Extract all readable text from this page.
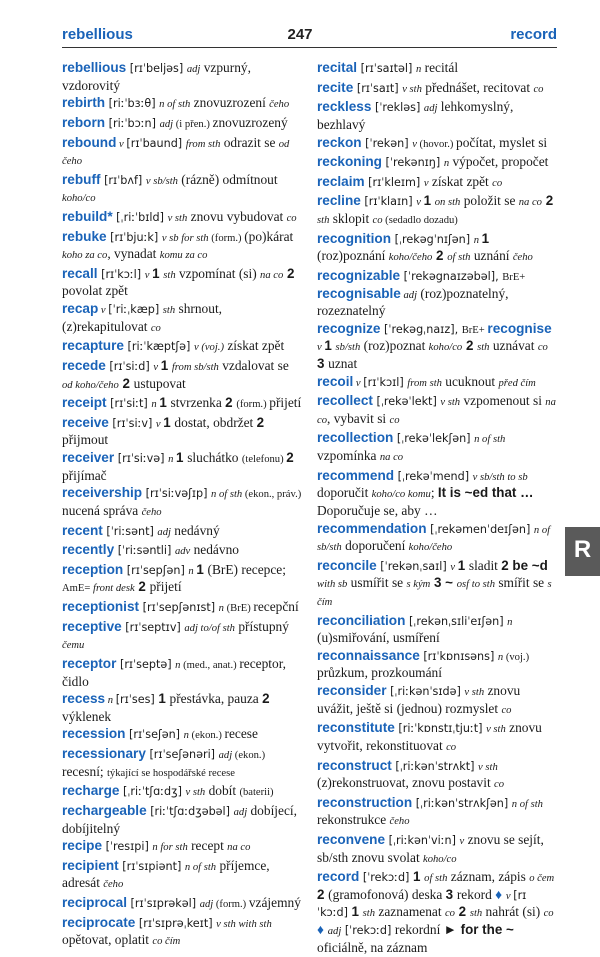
rebellious	247	record
rebellious [rɪˈbeljəs] adj vzpurný, vzdorovitý
rebirth [riːˈbɜːθ] n of sth znovuzrození čeho
reborn [riːˈbɔːn] adj (i přen.) znovuzrozený
rebound v [rɪˈbaund] from sth odrazit se od čeho
rebuff [rɪˈbʌf] v sb/sth (rázně) odmítnout koho/co
rebuild* [ˌriːˈbɪld] v sth znovu vybudovat co
rebuke [rɪˈbjuːk] v sb for sth (form.) (po)kárat koho za co, vynadat komu za co
recall [rɪˈkɔːl] v 1 sth vzpomínat (si) na co 2 povolat zpět
recap v [ˈriːˌkæp] sth shrnout, (z)rekapitulovat co
recapture [riːˈkæptʃə] v (voj.) získat zpět
recede [rɪˈsiːd] v 1 from sb/sth vzdalovat se od koho/čeho 2 ustupovat
receipt [rɪˈsiːt] n 1 stvrzenka 2 (form.) přijetí
receive [rɪˈsiːv] v 1 dostat, obdržet 2 přijmout
receiver [rɪˈsiːvə] n 1 sluchátko (telefonu) 2 přijímač
receivership [rɪˈsiːvəʃɪp] n of sth (ekon., práv.) nucená správa čeho
recent [ˈriːsənt] adj nedávný
recently [ˈriːsəntli] adv nedávno
reception [rɪˈsepʃən] n 1 (BrE) recepce; AmE= front desk 2 přijetí
receptionist [rɪˈsepʃənɪst] n (BrE) recepční
receptive [rɪˈseptɪv] adj to/of sth přístupný čemu
receptor [rɪˈseptə] n (med., anat.) receptor, čidlo
recess n [rɪˈses] 1 přestávka, pauza 2 výklenek
recession [rɪˈseʃən] n (ekon.) recese
recessionary [rɪˈseʃənəri] adj (ekon.) recesní; týkající se hospodářské recese
recharge [ˌriːˈtʃɑːdʒ] v sth dobít (baterii)
rechargeable [riːˈtʃɑːdʒəbəl] adj dobíjecí, dobíjitelný
recipe [ˈresɪpi] n for sth recept na co
recipient [rɪˈsɪpiənt] n of sth příjemce, adresát čeho
reciprocal [rɪˈsɪprəkəl] adj (form.) vzájemný
reciprocate [rɪˈsɪprəˌkeɪt] v sth with sth opětovat, oplatit co čím
recital [rɪˈsaɪtəl] n recitál
recite [rɪˈsaɪt] v sth přednášet, recitovat co
reckless [ˈrekləs] adj lehkomyslný, bezhlavý
reckon [ˈrekən] v (hovor.) počítat, myslet si
reckoning [ˈrekənɪŋ] n výpočet, propočet
reclaim [rɪˈkleɪm] v získat zpět co
recline [rɪˈklaɪn] v 1 on sth položit se na co 2 sth sklopit co (sedadlo dozadu)
recognition [ˌrekəgˈnɪʃən] n 1 (roz)poznání koho/čeho 2 of sth uznání čeho
recognizable [ˈrekəgnaɪzəbəl], BrE+ recognisable adj (roz)poznatelný, rozeznatelný
recognize [ˈrekəgˌnaɪz], BrE+ recognise v 1 sb/sth (roz)poznat koho/co 2 sth uznávat co 3 uznat
recoil v [rɪˈkɔɪl] from sth ucuknout před čím
recollect [ˌrekəˈlekt] v sth vzpomenout si na co, vybavit si co
recollection [ˌrekəˈlekʃən] n of sth vzpomínka na co
recommend [ˌrekəˈmend] v sb/sth to sb doporučit koho/co komu; It is ~ed that … Doporučuje se, aby …
recommendation [ˌrekəmenˈdeɪʃən] n of sb/sth doporučení koho/čeho
reconcile [ˈrekənˌsaɪl] v 1 sladit 2 be ~d with sb usmířit se s kým 3 ~ osf to sth smířit se s čím
reconciliation [ˌrekənˌsɪliˈeɪʃən] n (u)smiřování, usmíření
reconnaissance [rɪˈkɒnɪsəns] n (voj.) průzkum, prozkoumání
reconsider [ˌriːkənˈsɪdə] v sth znovu uvážit, ještě si (jednou) rozmyslet co
reconstitute [riːˈkɒnstɪˌtjuːt] v sth znovu vytvořit, rekonstituovat co
reconstruct [ˌriːkənˈstrʌkt] v sth (z)rekonstruovat, znovu postavit co
reconstruction [ˌriːkənˈstrʌkʃən] n of sth rekonstrukce čeho
reconvene [ˌriːkənˈviːn] v znovu se sejít, sb/sth znovu svolat koho/co
record [ˈrekɔːd] 1 of sth záznam, zápis o čem 2 (gramofonová) deska 3 rekord ♦ v [rɪˈkɔːd] 1 sth zaznamenat co 2 sth nahrát (si) co ♦ adj [ˈrekɔːd] rekordní ► for the ~ oficiálně, na záznam
R
